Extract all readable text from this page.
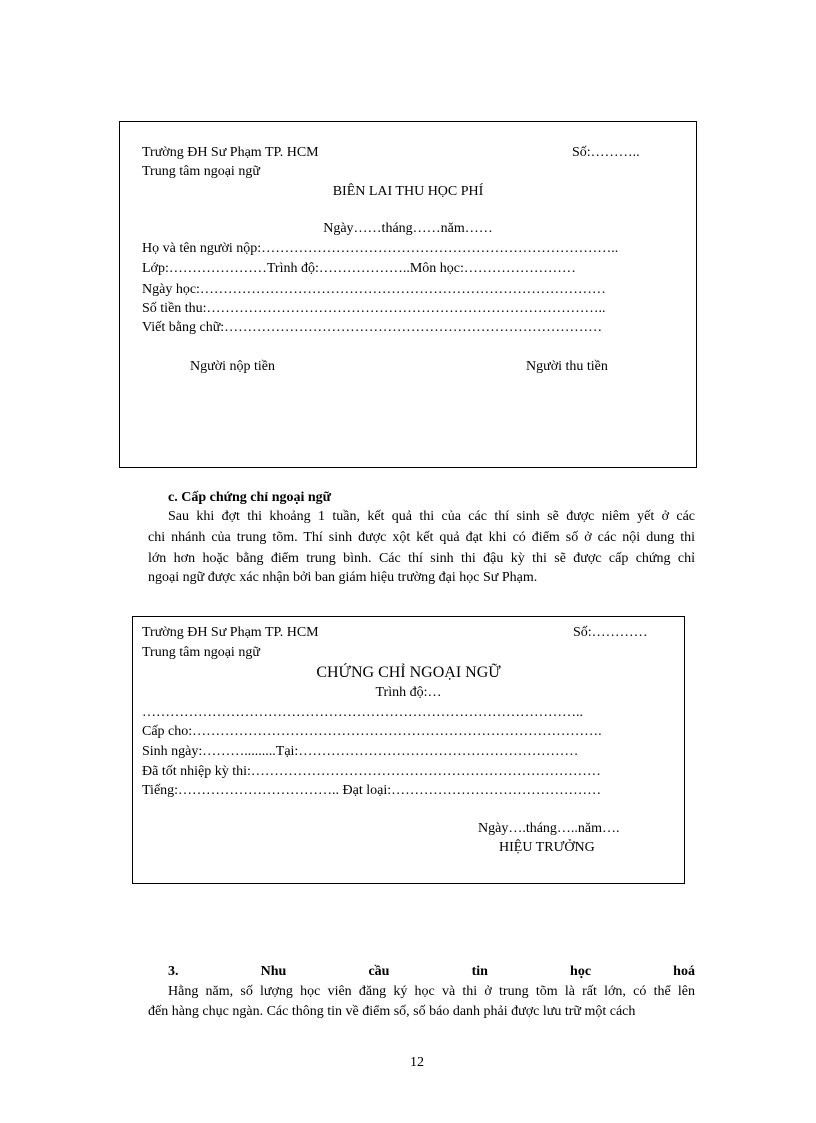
Trường ĐH Sư Phạm TP. HCM	Số:………..
Trung tâm ngoại ngữ
BIÊN LAI THU HỌC PHÍ
Ngày……tháng……năm……
Họ và tên người nộp:…………………………………………………………………..
Lớp:…………………Trình độ:………………..Môn học:……………………
Ngày học:……………………………………………………………………………
Số tiền thu:…………………………………………………………………………..
Viết bằng chữ:………………………………………………………………………
Người nộp tiền	Người thu tiền
c. Cấp chứng chỉ ngoại ngữ
Sau khi đợt thi khoảng 1 tuần, kết quả thi của các thí sinh sẽ được niêm yết ở các
chi nhánh của trung tõm. Thí sinh được xột kết quả đạt khi có điểm số ở các nội dung thi
lớn hơn hoặc bằng điểm trung bình. Các thí sinh thi đậu kỳ thi sẽ được cấp chứng chỉ
ngoại ngữ được xác nhận bởi ban giám hiệu trường đại học Sư Phạm.
Trường ĐH Sư Phạm TP. HCM	Số:…………
Trung tâm ngoại ngữ
CHỨNG CHỈ NGOẠI NGỮ
Trình độ:…
…………………………………………………………………………………..
Cấp cho:…………………………………………………………………………….
Sinh ngày:……….........Tại:……………………………………………………
Đã tốt nhiệp kỳ thi:…………………………………………………………………
Tiếng:…………………………….. Đạt loại:………………………………………
Ngày….tháng…..năm….
HIỆU TRƯỞNG
3.	Nhu	cầu	tin	học	hoá
Hằng năm, số lượng học viên đăng ký học và thi ở trung tõm là rất lớn, có thể lên
đến hàng chục ngàn. Các thông tin về điểm số, số báo danh phải được lưu trữ một cách
12
